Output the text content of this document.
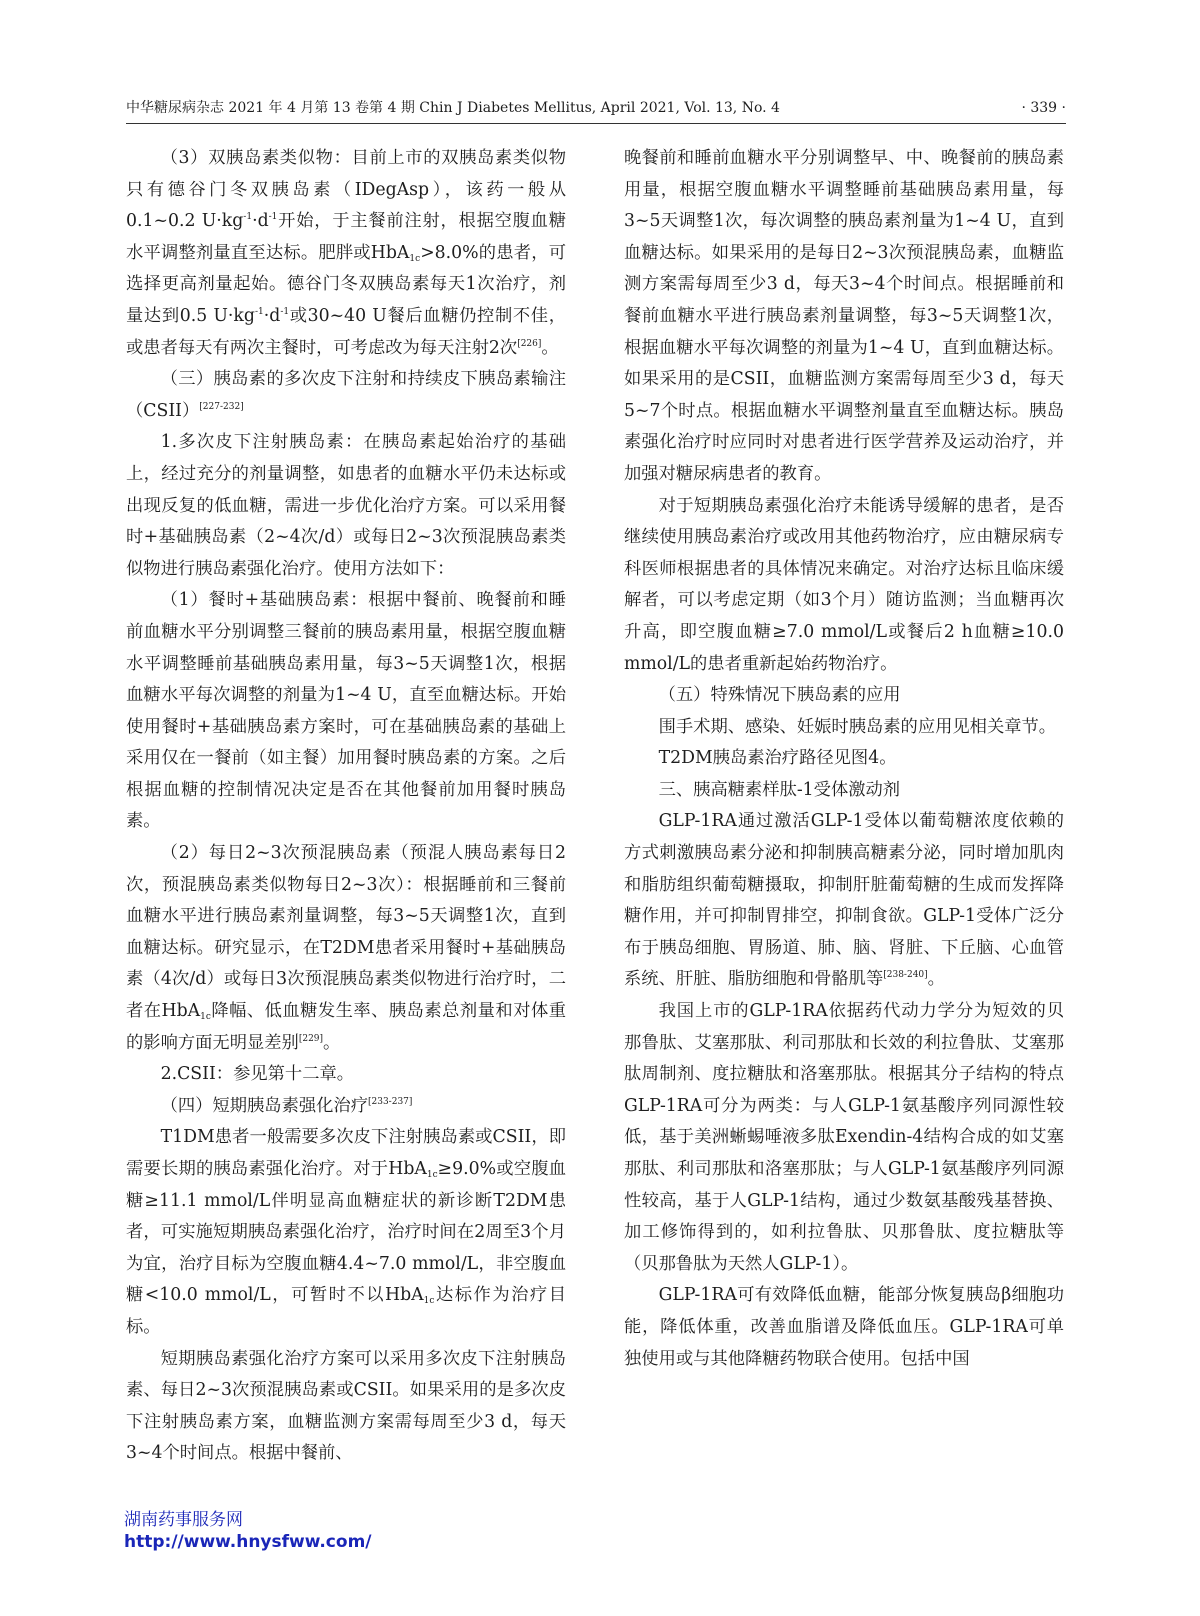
中华糖尿病杂志 2021 年 4 月第 13 卷第 4 期 Chin J Diabetes Mellitus, April 2021, Vol. 13, No. 4	· 339 ·

（3）双胰岛素类似物：目前上市的双胰岛素类似物只有德谷门冬双胰岛素（IDegAsp），该药一般从0.1~0.2 $U\cdot kg^{-1}\cdot d^{-1}$开始，于主餐前注射，根据空腹血糖水平调整剂量直至达标。肥胖或HbA$_{1c}$>8.0%的患者，可选择更高剂量起始。德谷门冬双胰岛素每天1次治疗，剂量达到0.5 $U\cdot kg^{-1}\cdot d^{-1}$或30~40 U餐后血糖仍控制不佳，或患者每天有两次主餐时，可考虑改为每天注射2次[226]。

（三）胰岛素的多次皮下注射和持续皮下胰岛素输注（CSII）[227-232]

1.多次皮下注射胰岛素：在胰岛素起始治疗的基础上，经过充分的剂量调整，如患者的血糖水平仍未达标或出现反复的低血糖，需进一步优化治疗方案。可以采用餐时+基础胰岛素（2~4次/d）或每日2~3次预混胰岛素类似物进行胰岛素强化治疗。使用方法如下：

（1）餐时+基础胰岛素：根据中餐前、晚餐前和睡前血糖水平分别调整三餐前的胰岛素用量，根据空腹血糖水平调整睡前基础胰岛素用量，每3~5天调整1次，根据血糖水平每次调整的剂量为1~4 U，直至血糖达标。开始使用餐时+基础胰岛素方案时，可在基础胰岛素的基础上采用仅在一餐前（如主餐）加用餐时胰岛素的方案。之后根据血糖的控制情况决定是否在其他餐前加用餐时胰岛素。

（2）每日2~3次预混胰岛素（预混人胰岛素每日2次，预混胰岛素类似物每日2~3次）：根据睡前和三餐前血糖水平进行胰岛素剂量调整，每3~5天调整1次，直到血糖达标。研究显示，在T2DM患者采用餐时+基础胰岛素（4次/d）或每日3次预混胰岛素类似物进行治疗时，二者在HbA$_{1c}$降幅、低血糖发生率、胰岛素总剂量和对体重的影响方面无明显差别[229]。

2.CSII：参见第十二章。

（四）短期胰岛素强化治疗[233-237]

T1DM患者一般需要多次皮下注射胰岛素或CSII，即需要长期的胰岛素强化治疗。对于HbA$_{1c}$≥9.0%或空腹血糖≥11.1 mmol/L伴明显高血糖症状的新诊断T2DM患者，可实施短期胰岛素强化治疗，治疗时间在2周至3个月为宜，治疗目标为空腹血糖4.4~7.0 mmol/L，非空腹血糖<10.0 mmol/L，可暂时不以HbA$_{1c}$达标作为治疗目标。

短期胰岛素强化治疗方案可以采用多次皮下注射胰岛素、每日2~3次预混胰岛素或CSII。如果采用的是多次皮下注射胰岛素方案，血糖监测方案需每周至少3 d，每天3~4个时间点。根据中餐前、

晚餐前和睡前血糖水平分别调整早、中、晚餐前的胰岛素用量，根据空腹血糖水平调整睡前基础胰岛素用量，每3~5天调整1次，每次调整的胰岛素剂量为1~4 U，直到血糖达标。如果采用的是每日2~3次预混胰岛素，血糖监测方案需每周至少3 d，每天3~4个时间点。根据睡前和餐前血糖水平进行胰岛素剂量调整，每3~5天调整1次，根据血糖水平每次调整的剂量为1~4 U，直到血糖达标。如果采用的是CSII，血糖监测方案需每周至少3 d，每天5~7个时点。根据血糖水平调整剂量直至血糖达标。胰岛素强化治疗时应同时对患者进行医学营养及运动治疗，并加强对糖尿病患者的教育。

对于短期胰岛素强化治疗未能诱导缓解的患者，是否继续使用胰岛素治疗或改用其他药物治疗，应由糖尿病专科医师根据患者的具体情况来确定。对治疗达标且临床缓解者，可以考虑定期（如3个月）随访监测；当血糖再次升高，即空腹血糖≥7.0 mmol/L或餐后2 h血糖≥10.0 mmol/L的患者重新起始药物治疗。

（五）特殊情况下胰岛素的应用

围手术期、感染、妊娠时胰岛素的应用见相关章节。

T2DM胰岛素治疗路径见图4。

三、胰高糖素样肽-1受体激动剂

GLP-1RA通过激活GLP-1受体以葡萄糖浓度依赖的方式刺激胰岛素分泌和抑制胰高糖素分泌，同时增加肌肉和脂肪组织葡萄糖摄取，抑制肝脏葡萄糖的生成而发挥降糖作用，并可抑制胃排空，抑制食欲。GLP-1受体广泛分布于胰岛细胞、胃肠道、肺、脑、肾脏、下丘脑、心血管系统、肝脏、脂肪细胞和骨骼肌等[238-240]。

我国上市的GLP-1RA依据药代动力学分为短效的贝那鲁肽、艾塞那肽、利司那肽和长效的利拉鲁肽、艾塞那肽周制剂、度拉糖肽和洛塞那肽。根据其分子结构的特点GLP-1RA可分为两类：与人GLP-1氨基酸序列同源性较低，基于美洲蜥蜴唾液多肽Exendin-4结构合成的如艾塞那肽、利司那肽和洛塞那肽；与人GLP-1氨基酸序列同源性较高，基于人GLP-1结构，通过少数氨基酸残基替换、加工修饰得到的，如利拉鲁肽、贝那鲁肽、度拉糖肽等（贝那鲁肽为天然人GLP-1）。

GLP-1RA可有效降低血糖，能部分恢复胰岛β细胞功能，降低体重，改善血脂谱及降低血压。GLP-1RA可单独使用或与其他降糖药物联合使用。包括中国

湖南药事服务网
http://www.hnysfww.com/
